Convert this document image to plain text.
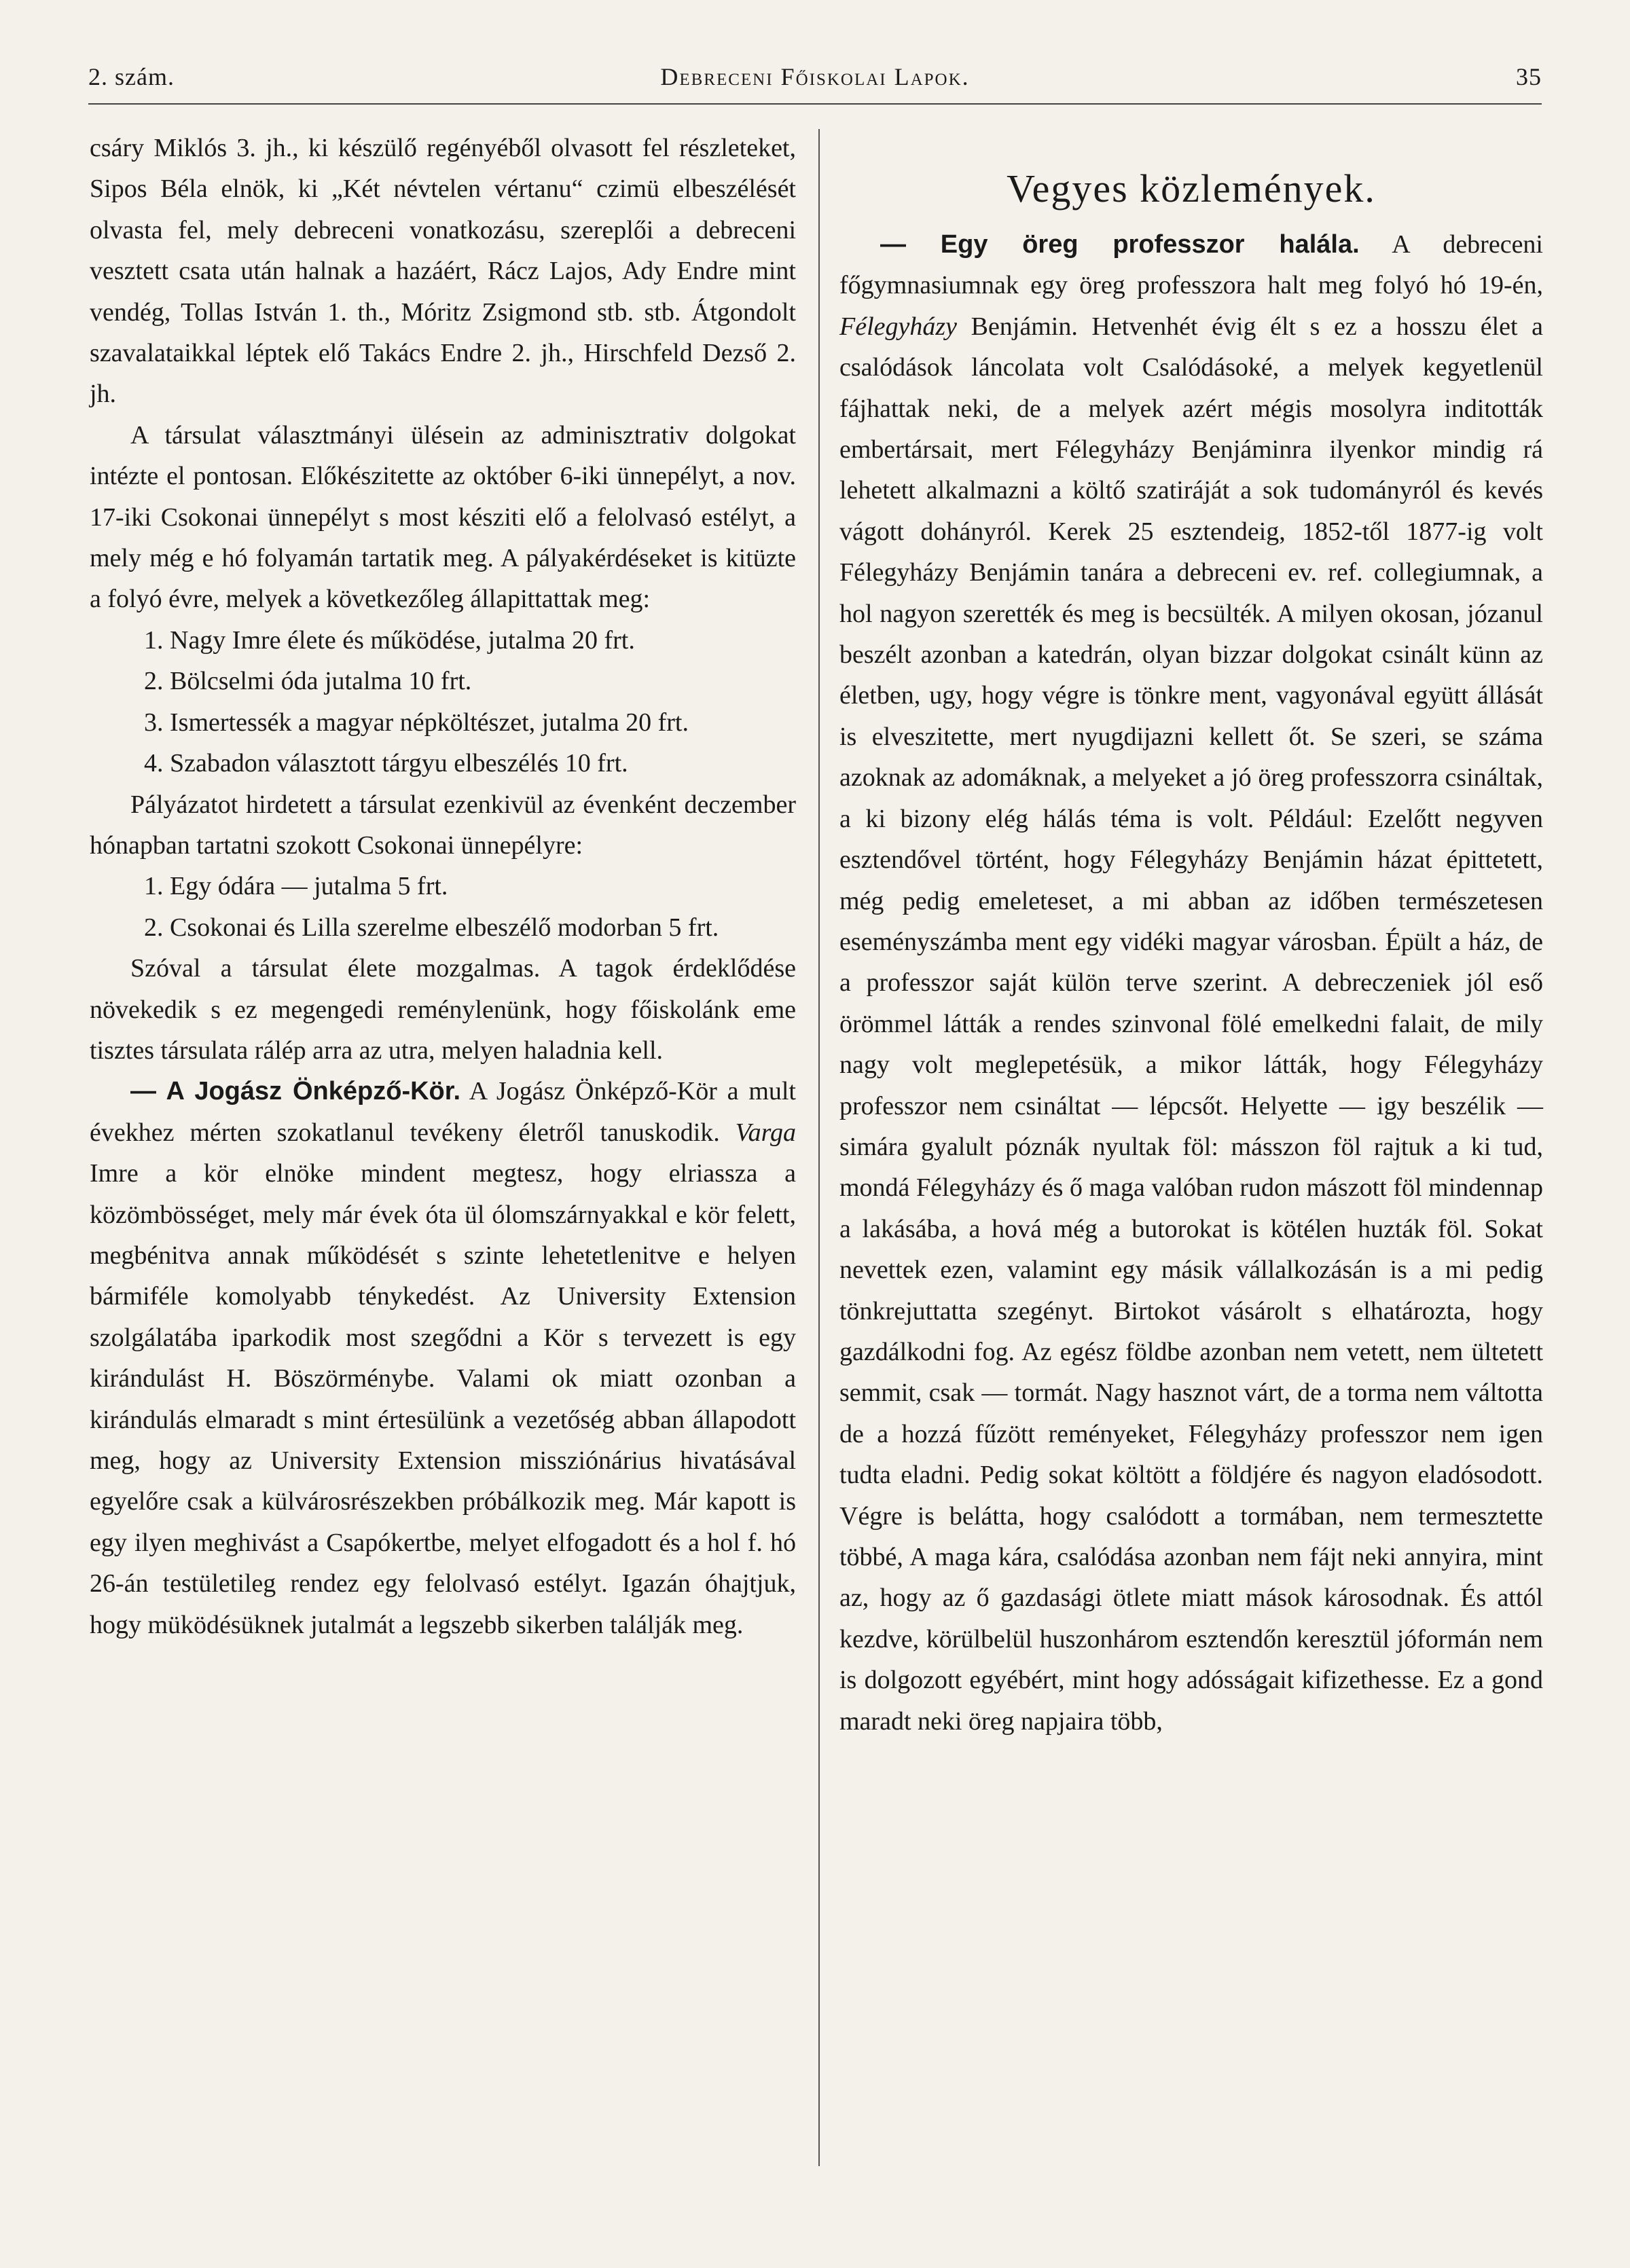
2. szám.	Debreceni Főiskolai Lapok.	35

csáry Miklós 3. jh., ki készülő regényéből olvasott fel részleteket, Sipos Béla elnök, ki „Két névtelen vértanu“ czimü elbeszélését olvasta fel, mely debreceni vonatkozásu, szereplői a debreceni vesztett csata után halnak a hazáért, Rácz Lajos, Ady Endre mint vendég, Tollas István 1. th., Móritz Zsigmond stb. stb. Átgondolt szavalataikkal léptek elő Takács Endre 2. jh., Hirschfeld Dezső 2. jh.

A társulat választmányi ülésein az adminisztrativ dolgokat intézte el pontosan. Előkészitette az október 6-iki ünnepélyt, a nov. 17-iki Csokonai ünnepélyt s most késziti elő a felolvasó estélyt, a mely még e hó folyamán tartatik meg. A pályakérdéseket is kitüzte a folyó évre, melyek a következőleg állapittattak meg:

1. Nagy Imre élete és működése, jutalma 20 frt.

2. Bölcselmi óda jutalma 10 frt.

3. Ismertessék a magyar népköltészet, jutalma 20 frt.

4. Szabadon választott tárgyu elbeszélés 10 frt.

Pályázatot hirdetett a társulat ezenkivül az évenként deczember hónapban tartatni szokott Csokonai ünnepélyre:

1. Egy ódára — jutalma 5 frt.

2. Csokonai és Lilla szerelme elbeszélő modorban 5 frt.

Szóval a társulat élete mozgalmas. A tagok érdeklődése növekedik s ez megengedi reménylenünk, hogy főiskolánk eme tisztes társulata rálép arra az utra, melyen haladnia kell.

— A Jogász Önképző-Kör. A Jogász Önképző-Kör a mult évekhez mérten szokatlanul tevékeny életről tanuskodik. Varga Imre a kör elnöke mindent megtesz, hogy elriassza a közömbösséget, mely már évek óta ül ólomszárnyakkal e kör felett, megbénitva annak működését s szinte lehetetlenitve e helyen bármiféle komolyabb ténykedést. Az University Extension szolgálatába iparkodik most szegődni a Kör s tervezett is egy kirándulást H. Böszörménybe. Valami ok miatt ozonban a kirándulás elmaradt s mint értesülünk a vezetőség abban állapodott meg, hogy az University Extension missziónárius hivatásával egyelőre csak a külvárosrészekben próbálkozik meg. Már kapott is egy ilyen meghivást a Csapókertbe, melyet elfogadott és a hol f. hó 26-án testületileg rendez egy felolvasó estélyt. Igazán óhajtjuk, hogy müködésüknek jutalmát a legszebb sikerben találják meg.

Vegyes közlemények.

— Egy öreg professzor halála. A debreceni főgymnasiumnak egy öreg professzora halt meg folyó hó 19-én, Félegyházy Benjámin. Hetvenhét évig élt s ez a hosszu élet a csalódások láncolata volt Csalódásoké, a melyek kegyetlenül fájhattak neki, de a melyek azért mégis mosolyra inditották embertársait, mert Félegyházy Benjáminra ilyenkor mindig rá lehetett alkalmazni a költő szatiráját a sok tudományról és kevés vágott dohányról. Kerek 25 esztendeig, 1852-től 1877-ig volt Félegyházy Benjámin tanára a debreceni ev. ref. collegiumnak, a hol nagyon szerették és meg is becsülték. A milyen okosan, józanul beszélt azonban a katedrán, olyan bizzar dolgokat csinált künn az életben, ugy, hogy végre is tönkre ment, vagyonával együtt állását is elveszitette, mert nyugdijazni kellett őt. Se szeri, se száma azoknak az adomáknak, a melyeket a jó öreg professzorra csináltak, a ki bizony elég hálás téma is volt. Például: Ezelőtt negyven esztendővel történt, hogy Félegyházy Benjámin házat épittetett, még pedig emeleteset, a mi abban az időben természetesen eseményszámba ment egy vidéki magyar városban. Épült a ház, de a professzor saját külön terve szerint. A debreczeniek jól eső örömmel látták a rendes szinvonal fölé emelkedni falait, de mily nagy volt meglepetésük, a mikor látták, hogy Félegyházy professzor nem csináltat — lépcsőt. Helyette — igy beszélik — simára gyalult póznák nyultak föl: másszon föl rajtuk a ki tud, mondá Félegyházy és ő maga valóban rudon mászott föl mindennap a lakásába, a hová még a butorokat is kötélen huzták föl. Sokat nevettek ezen, valamint egy másik vállalkozásán is a mi pedig tönkrejuttatta szegényt. Birtokot vásárolt s elhatározta, hogy gazdálkodni fog. Az egész földbe azonban nem vetett, nem ültetett semmit, csak — tormát. Nagy hasznot várt, de a torma nem váltotta de a hozzá fűzött reményeket, Félegyházy professzor nem igen tudta eladni. Pedig sokat költött a földjére és nagyon eladósodott. Végre is belátta, hogy csalódott a tormában, nem termesztette többé, A maga kára, csalódása azonban nem fájt neki annyira, mint az, hogy az ő gazdasági ötlete miatt mások károsodnak. És attól kezdve, körülbelül huszonhárom esztendőn keresztül jóformán nem is dolgozott egyébért, mint hogy adósságait kifizethesse. Ez a gond maradt neki öreg napjaira több,
